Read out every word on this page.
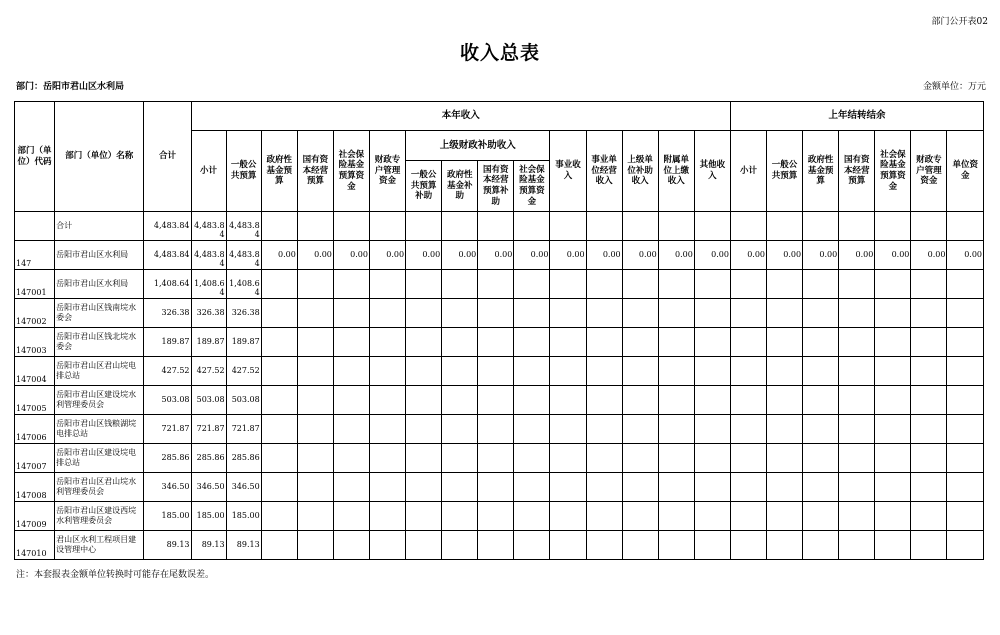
部门公开表02
收入总表
部门：岳阳市君山区水利局	金额单位：万元
部门（单位）代码	部门（单位）名称	合计	本年收入															上年结转结余						
			小计	一般公共预算	政府性基金预算	国有资本经营预算	社会保险基金预算资金	财政专户管理资金	上级财政补助收入				事业收入	事业单位经营收入	上级单位补助收入	附属单位上缴收入	其他收入	小计	一般公共预算	政府性基金预算	国有资本经营预算	社会保险基金预算资金	财政专户管理资金	单位资金
									一般公共预算补助	政府性基金补助	国有资本经营预算补助	社会保险基金预算资金												
	合计	4,483.84	4,483.84	4,483.84																				
147	岳阳市君山区水利局	4,483.84	4,483.84	4,483.84	0.00	0.00	0.00	0.00	0.00	0.00	0.00	0.00	0.00	0.00	0.00	0.00	0.00	0.00	0.00	0.00	0.00	0.00	0.00	0.00
147001	岳阳市君山区水利局	1,408.64	1,408.64	1,408.64																				
147002	岳阳市君山区钱南垸水委会	326.38	326.38	326.38																				
147003	岳阳市君山区钱北垸水委会	189.87	189.87	189.87																				
147004	岳阳市君山区君山垸电排总站	427.52	427.52	427.52																				
147005	岳阳市君山区建设垸水利管理委员会	503.08	503.08	503.08																				
147006	岳阳市君山区钱粮湖垸电排总站	721.87	721.87	721.87																				
147007	岳阳市君山区建设垸电排总站	285.86	285.86	285.86																				
147008	岳阳市君山区君山垸水利管理委员会	346.50	346.50	346.50																				
147009	岳阳市君山区建设西垸水利管理委员会	185.00	185.00	185.00																				
147010	君山区水利工程项目建设管理中心	89.13	89.13	89.13																				
注：本套报表金额单位转换时可能存在尾数误差。
